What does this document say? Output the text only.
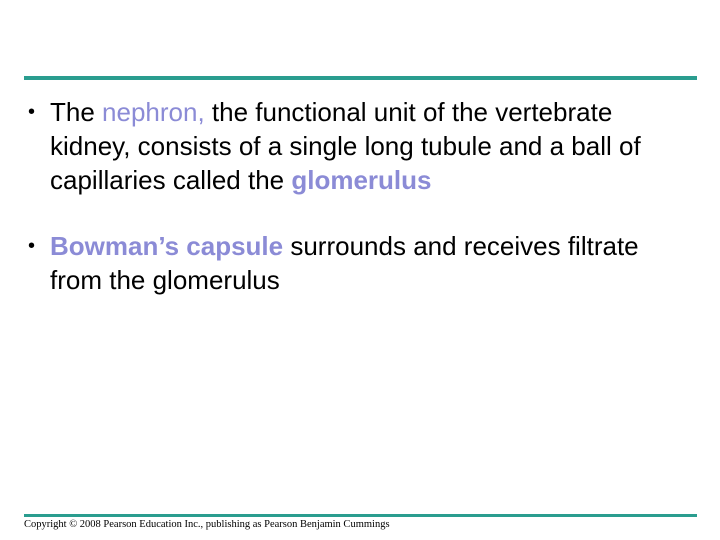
• The nephron, the functional unit of the vertebrate kidney, consists of a single long tubule and a ball of capillaries called the glomerulus
• Bowman’s capsule surrounds and receives filtrate from the glomerulus
Copyright © 2008 Pearson Education Inc., publishing as Pearson Benjamin Cummings
